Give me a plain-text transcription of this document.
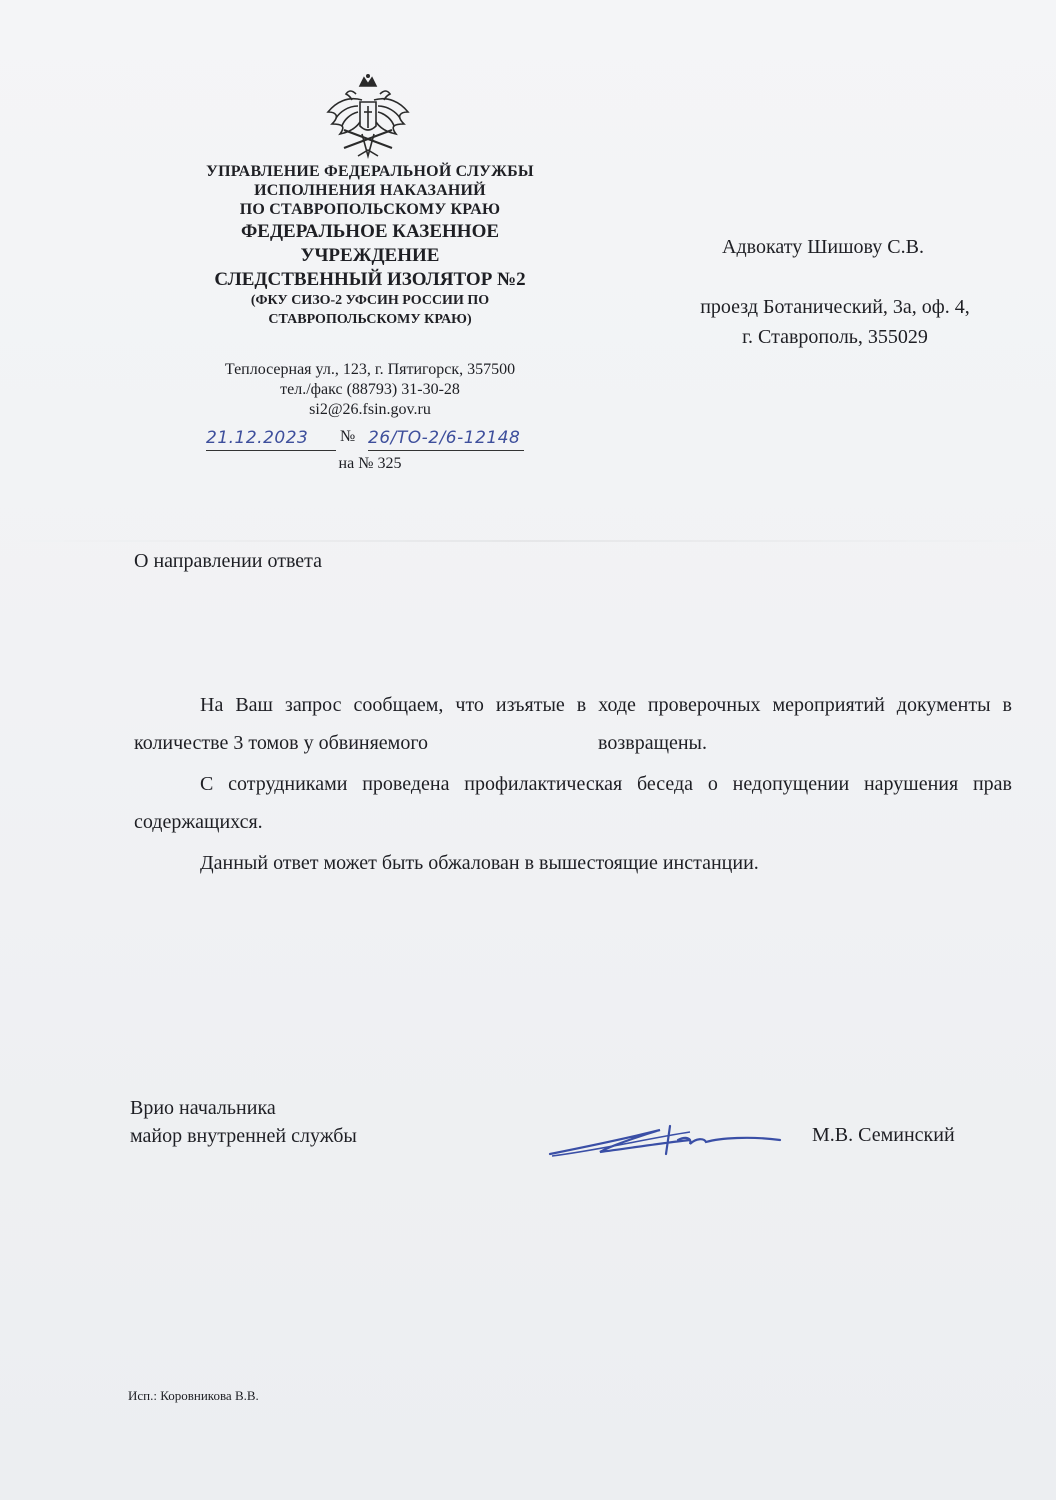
УПРАВЛЕНИЕ ФЕДЕРАЛЬНОЙ СЛУЖБЫ
ИСПОЛНЕНИЯ НАКАЗАНИЙ
ПО СТАВРОПОЛЬСКОМУ КРАЮ
ФЕДЕРАЛЬНОЕ КАЗЕННОЕ
УЧРЕЖДЕНИЕ
СЛЕДСТВЕННЫЙ ИЗОЛЯТОР №2
(ФКУ СИЗО-2 УФСИН РОССИИ ПО
СТАВРОПОЛЬСКОМУ КРАЮ)
Теплосерная ул., 123, г. Пятигорск, 357500
тел./факс (88793) 31-30-28
si2@26.fsin.gov.ru
21.12.2023	№ 26/ТО-2/6-12148
на № 325
Адвокату Шишову С.В.
проезд Ботанический, 3а, оф. 4,
г. Ставрополь, 355029
О направлении ответа

На Ваш запрос сообщаем, что изъятые в ходе проверочных мероприятий документы в количестве 3 томов у обвиняемого	возвращены.

С сотрудниками проведена профилактическая беседа о недопущении нарушения прав содержащихся.

Данный ответ может быть обжалован в вышестоящие инстанции.

Врио начальника
майор внутренней службы	М.В. Семинский
Исп.: Коровникова В.В.
